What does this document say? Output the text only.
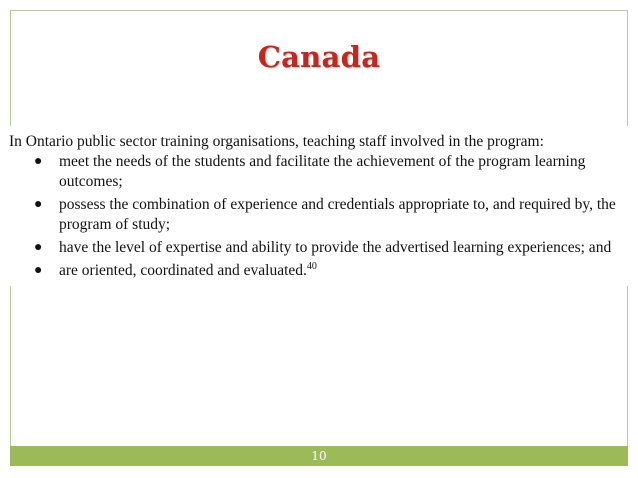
Canada

In Ontario public sector training organisations, teaching staff involved in the program:

● meet the needs of the students and facilitate the achievement of the program learning outcomes;
● possess the combination of experience and credentials appropriate to, and required by, the program of study;
● have the level of expertise and ability to provide the advertised learning experiences; and
● are oriented, coordinated and evaluated.$^{40}$
10
